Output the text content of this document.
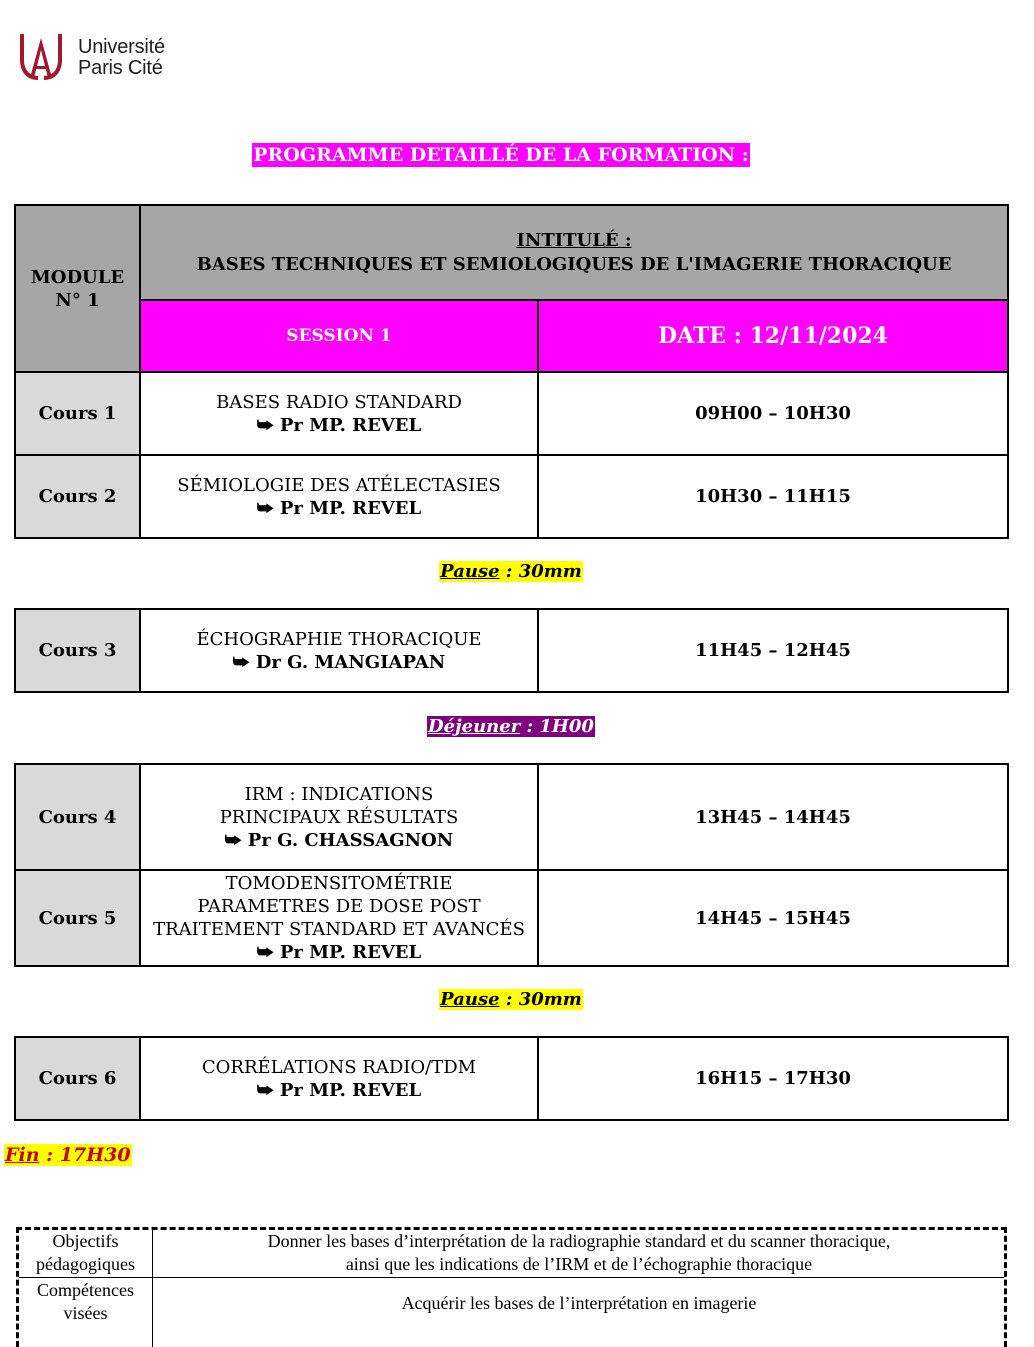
Université
Paris Cité
PROGRAMME DETAILLÉ DE LA FORMATION :
MODULE
N° 1
INTITULÉ :
BASES TECHNIQUES ET SEMIOLOGIQUES DE L'IMAGERIE THORACIQUE
SESSION 1	DATE : 12/11/2024
Cours 1
BASES RADIO STANDARD
⮩ Pr MP. REVEL
09H00 – 10H30
Cours 2
SÉMIOLOGIE DES ATÉLECTASIES
⮩ Pr MP. REVEL
10H30 – 11H15
Pause : 30mm
Cours 3
ÉCHOGRAPHIE THORACIQUE
⮩ Dr G. MANGIAPAN
11H45 – 12H45
Déjeuner : 1H00
Cours 4
IRM : INDICATIONS
PRINCIPAUX RÉSULTATS
⮩ Pr G. CHASSAGNON
13H45 – 14H45
Cours 5
TOMODENSITOMÉTRIE
PARAMETRES DE DOSE POST
TRAITEMENT STANDARD ET AVANCÉS
⮩ Pr MP. REVEL
14H45 – 15H45
Pause : 30mm
Cours 6
CORRÉLATIONS RADIO/TDM
⮩ Pr MP. REVEL
16H15 – 17H30
Fin : 17H30
Objectifs
pédagogiques
Donner les bases d’interprétation de la radiographie standard et du scanner thoracique,
ainsi que les indications de l’IRM et de l’échographie thoracique
Compétences
visées	Acquérir les bases de l’interprétation en imagerie
